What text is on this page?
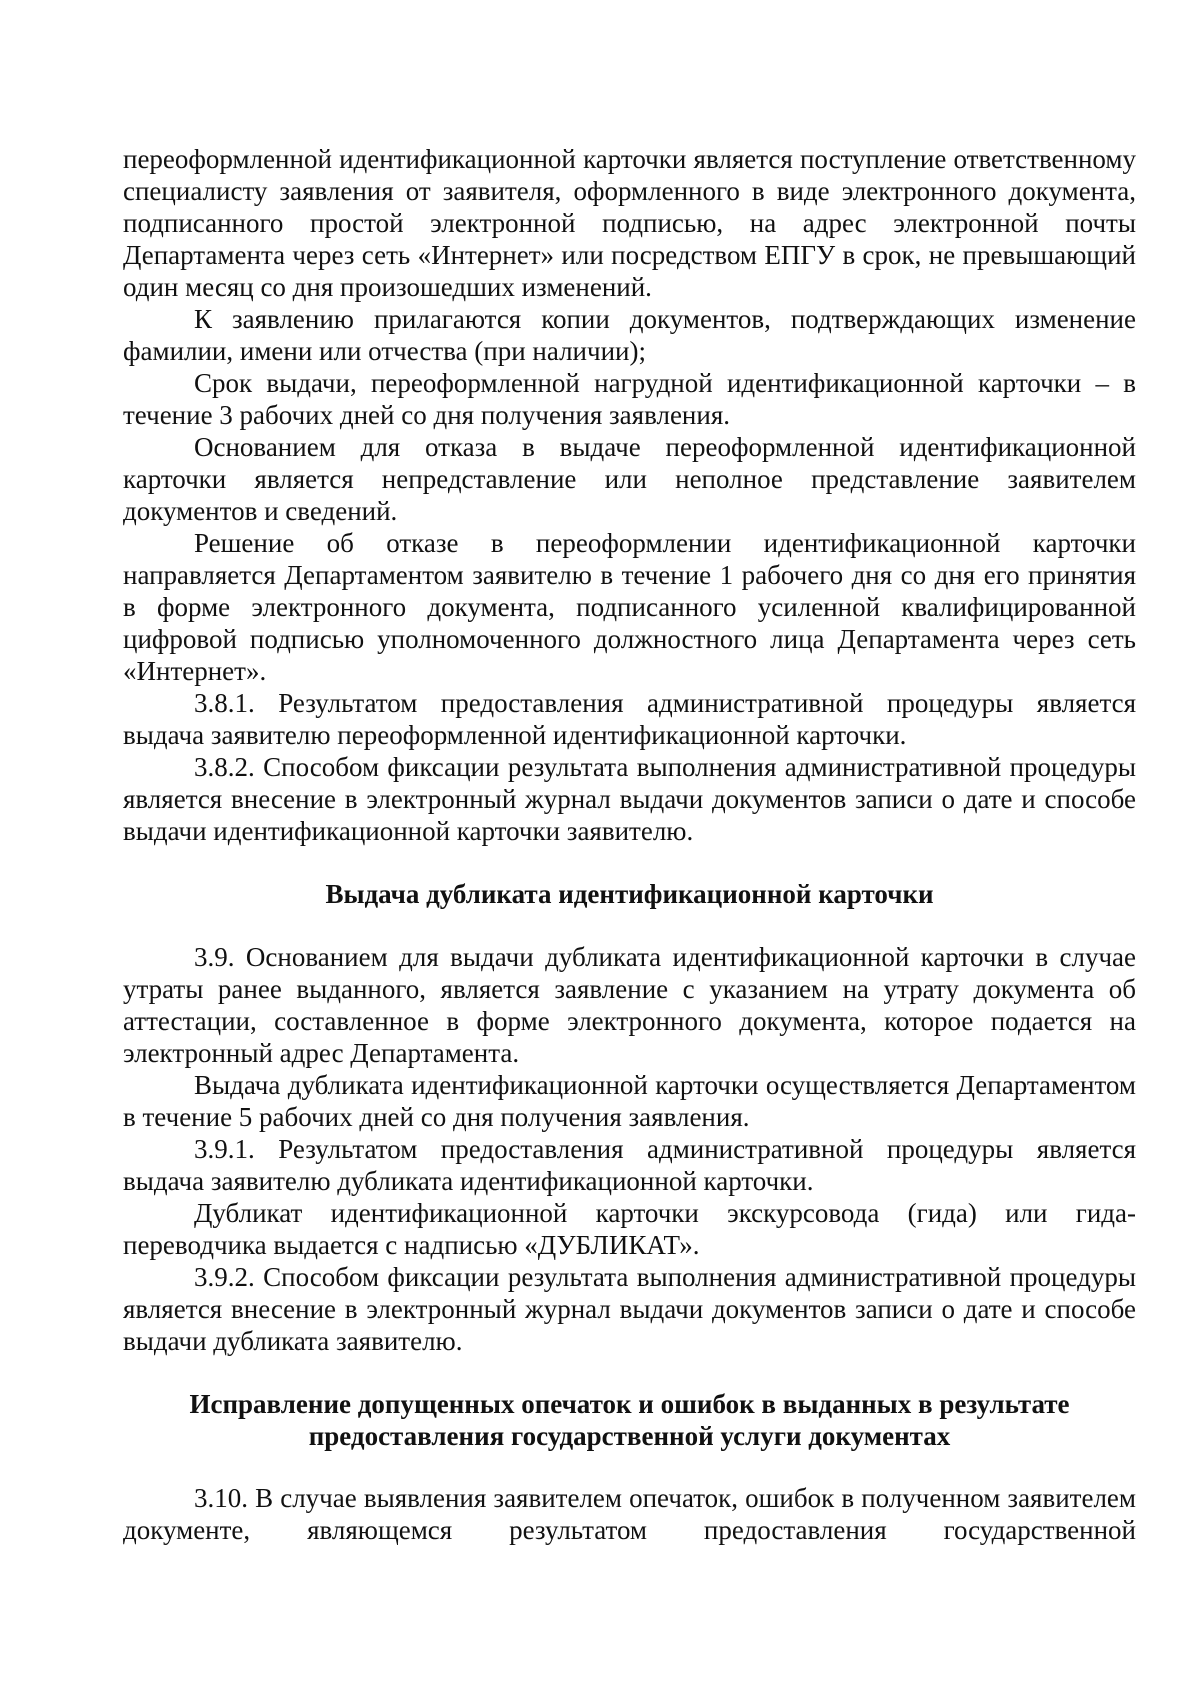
переоформленной идентификационной карточки является поступление ответственному специалисту заявления от заявителя, оформленного в виде электронного документа, подписанного простой электронной подписью, на адрес электронной почты Департамента через сеть «Интернет» или посредством ЕПГУ в срок, не превышающий один месяц со дня произошедших изменений.

К заявлению прилагаются копии документов, подтверждающих изменение фамилии, имени или отчества (при наличии);

Срок выдачи, переоформленной нагрудной идентификационной карточки – в течение 3 рабочих дней со дня получения заявления.

Основанием для отказа в выдаче переоформленной идентификационной карточки является непредставление или неполное представление заявителем документов и сведений.

Решение об отказе в переоформлении идентификационной карточки направляется Департаментом заявителю в течение 1 рабочего дня со дня его принятия в форме электронного документа, подписанного усиленной квалифицированной цифровой подписью уполномоченного должностного лица Департамента через сеть «Интернет».

3.8.1. Результатом предоставления административной процедуры является выдача заявителю переоформленной идентификационной карточки.

3.8.2. Способом фиксации результата выполнения административной процедуры является внесение в электронный журнал выдачи документов записи о дате и способе выдачи идентификационной карточки заявителю.

Выдача дубликата идентификационной карточки

3.9. Основанием для выдачи дубликата идентификационной карточки в случае утраты ранее выданного, является заявление с указанием на утрату документа об аттестации, составленное в форме электронного документа, которое подается на электронный адрес Департамента.

Выдача дубликата идентификационной карточки осуществляется Департаментом в течение 5 рабочих дней со дня получения заявления.

3.9.1. Результатом предоставления административной процедуры является выдача заявителю дубликата идентификационной карточки.

Дубликат идентификационной карточки экскурсовода (гида) или гида-переводчика выдается с надписью «ДУБЛИКАТ».

3.9.2. Способом фиксации результата выполнения административной процедуры является внесение в электронный журнал выдачи документов записи о дате и способе выдачи дубликата заявителю.

Исправление допущенных опечаток и ошибок в выданных в результате

предоставления государственной услуги документах

3.10. В случае выявления заявителем опечаток, ошибок в полученном заявителем документе, являющемся результатом предоставления государственной
